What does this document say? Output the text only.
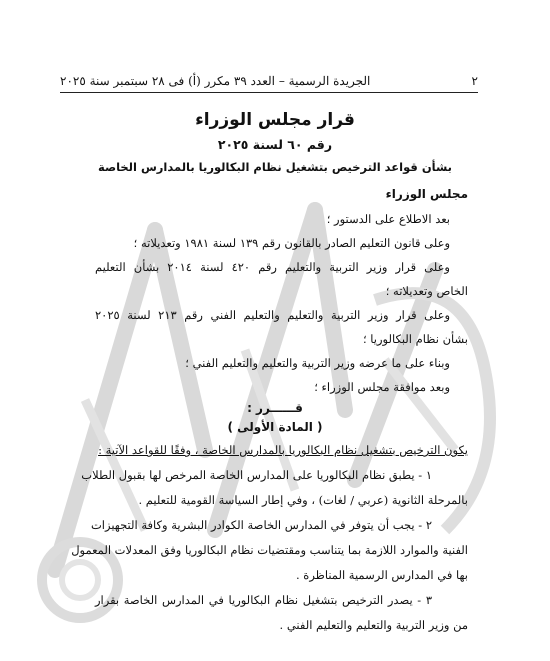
٢
الجريدة الرسمية – العدد ٣٩ مكرر (أ) فى ٢٨ سبتمبر سنة ٢٠٢٥
قرار مجلس الوزراء
رقم ٦٠ لسنة ٢٠٢٥
بشأن قواعد الترخيص بتشغيل نظام البكالوريا بالمدارس الخاصة
مجلس الوزراء
بعد الاطلاع على الدستور ؛
وعلى قانون التعليم الصادر بالقانون رقم ١٣٩ لسنة ١٩٨١ وتعديلاته ؛
وعلى قرار وزير التربية والتعليم رقم ٤٢٠ لسنة ٢٠١٤ بشأن التعليم
الخاص وتعديلاته ؛
وعلى قرار وزير التربية والتعليم والتعليم الفني رقم ٢١٣ لسنة ٢٠٢٥
بشأن نظام البكالوريا ؛
وبناء على ما عرضه وزير التربية والتعليم والتعليم الفني ؛
وبعد موافقة مجلس الوزراء ؛
قــــــرر :
( المادة الأولى )
يكون الترخيص بتشغيل نظام البكالوريا بالمدارس الخاصة ، وفقًا للقواعد الآتية :
١ - يطبق نظام البكالوريا على المدارس الخاصة المرخص لها بقبول الطلاب
بالمرحلة الثانوية (عربي / لغات) ، وفي إطار السياسة القومية للتعليم .
٢ - يجب أن يتوفر في المدارس الخاصة الكوادر البشرية وكافة التجهيزات
الفنية والموارد اللازمة بما يتناسب ومقتضيات نظام البكالوريا وفق المعدلات المعمول
بها في المدارس الرسمية المناظرة .
٣ - يصدر الترخيص بتشغيل نظام البكالوريا في المدارس الخاصة بقرار
من وزير التربية والتعليم والتعليم الفني .
